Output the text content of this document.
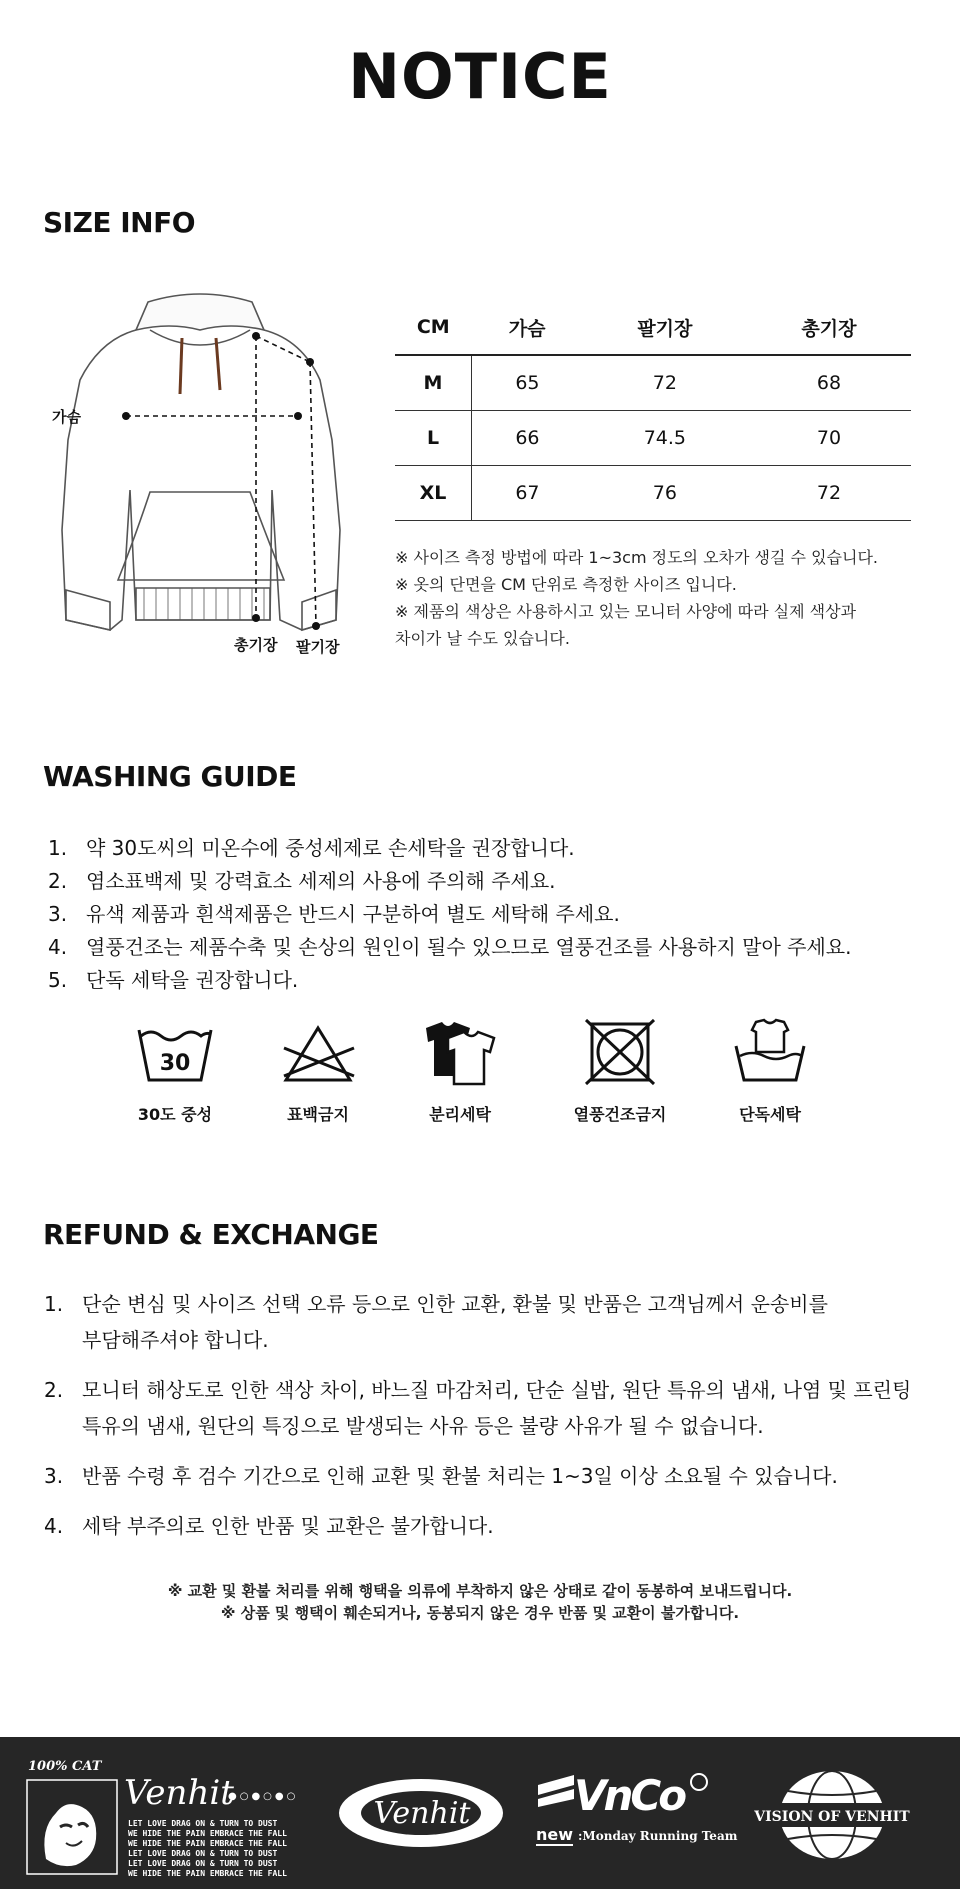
NOTICE
SIZE INFO
가슴
총기장 팔기장
CM	가슴	팔기장	총기장
M	65	72	68
L	66	74.5	70
XL	67	76	72
※ 사이즈 측정 방법에 따라 1~3cm 정도의 오차가 생길 수 있습니다.
※ 옷의 단면을 CM 단위로 측정한 사이즈 입니다.
※ 제품의 색상은 사용하시고 있는 모니터 사양에 따라 실제 색상과
차이가 날 수도 있습니다.
WASHING GUIDE
1. 약 30도씨의 미온수에 중성세제로 손세탁을 권장합니다.
2. 염소표백제 및 강력효소 세제의 사용에 주의해 주세요.
3. 유색 제품과 흰색제품은 반드시 구분하여 별도 세탁해 주세요.
4. 열풍건조는 제품수축 및 손상의 원인이 될수 있으므로 열풍건조를 사용하지 말아 주세요.
5. 단독 세탁을 권장합니다.
30
30도 중성	표백금지	분리세탁	열풍건조금지	단독세탁
REFUND & EXCHANGE
1. 단순 변심 및 사이즈 선택 오류 등으로 인한 교환, 환불 및 반품은 고객님께서 운송비를
부담해주셔야 합니다.
2. 모니터 해상도로 인한 색상 차이, 바느질 마감처리, 단순 실밥, 원단 특유의 냄새, 나염 및 프린팅
특유의 냄새, 원단의 특징으로 발생되는 사유 등은 불량 사유가 될 수 없습니다.
3. 반품 수령 후 검수 기간으로 인해 교환 및 환불 처리는 1~3일 이상 소요될 수 있습니다.
4. 세탁 부주의로 인한 반품 및 교환은 불가합니다.
※ 교환 및 환불 처리를 위해 행택을 의류에 부착하지 않은 상태로 같이 동봉하여 보내드립니다.
※ 상품 및 행택이 훼손되거나, 동봉되지 않은 경우 반품 및 교환이 불가합니다.
100% CAT
Venhit
●○●○●○
LET LOVE DRAG ON & TURN TO DUST
WE HIDE THE PAIN EMBRACE THE FALL
WE HIDE THE PAIN EMBRACE THE FALL
LET LOVE DRAG ON & TURN TO DUST
LET LOVE DRAG ON & TURN TO DUST
WE HIDE THE PAIN EMBRACE THE FALL
Venhit VnCo
new :Monday Running Team
VISION OF VENHIT
